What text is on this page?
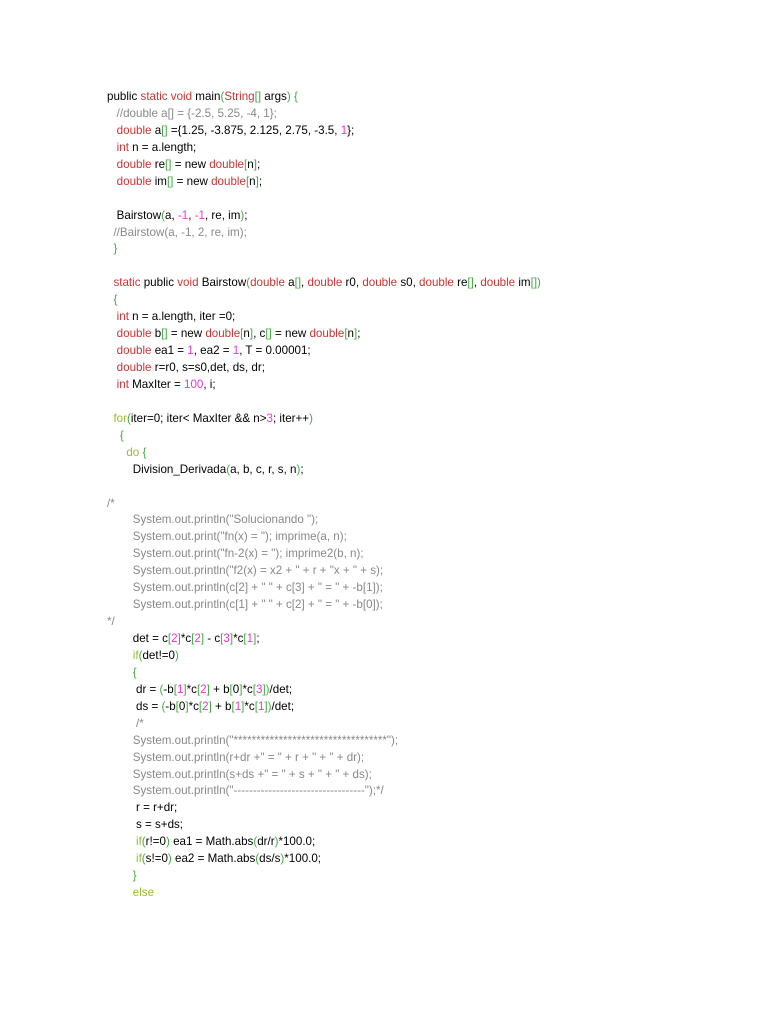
public static void main(String[] args) {
//double a[] = {-2.5, 5.25, -4, 1};
double a[] ={1.25, -3.875, 2.125, 2.75, -3.5, 1};
int n = a.length;
double re[] = new double[n];
double im[] = new double[n];
Bairstow(a, -1, -1, re, im);
//Bairstow(a, -1, 2, re, im);
}
static public void Bairstow(double a[], double r0, double s0, double re[], double im[])
{
int n = a.length, iter =0;
double b[] = new double[n], c[] = new double[n];
double ea1 = 1, ea2 = 1, T = 0.00001;
double r=r0, s=s0,det, ds, dr;
int MaxIter = 100, i;
for(iter=0; iter< MaxIter && n>3; iter++)
{
do {
Division_Derivada(a, b, c, r, s, n);
/*
System.out.println("Solucionando ");
System.out.print("fn(x) = "); imprime(a, n);
System.out.print("fn-2(x) = "); imprime2(b, n);
System.out.println("f2(x) = x2 + " + r + "x + " + s);
System.out.println(c[2] + " " + c[3] + " = " + -b[1]);
System.out.println(c[1] + " " + c[2] + " = " + -b[0]);
*/
det = c[2]*c[2] - c[3]*c[1];
if(det!=0)
{
dr = (-b[1]*c[2] + b[0]*c[3])/det;
ds = (-b[0]*c[2] + b[1]*c[1])/det;
/*
System.out.println("**********************************");
System.out.println(r+dr +" = " + r + " + " + dr);
System.out.println(s+ds +" = " + s + " + " + ds);
System.out.println("----------------------------------");*/
r = r+dr;
s = s+ds;
if(r!=0) ea1 = Math.abs(dr/r)*100.0;
if(s!=0) ea2 = Math.abs(ds/s)*100.0;
}
else
